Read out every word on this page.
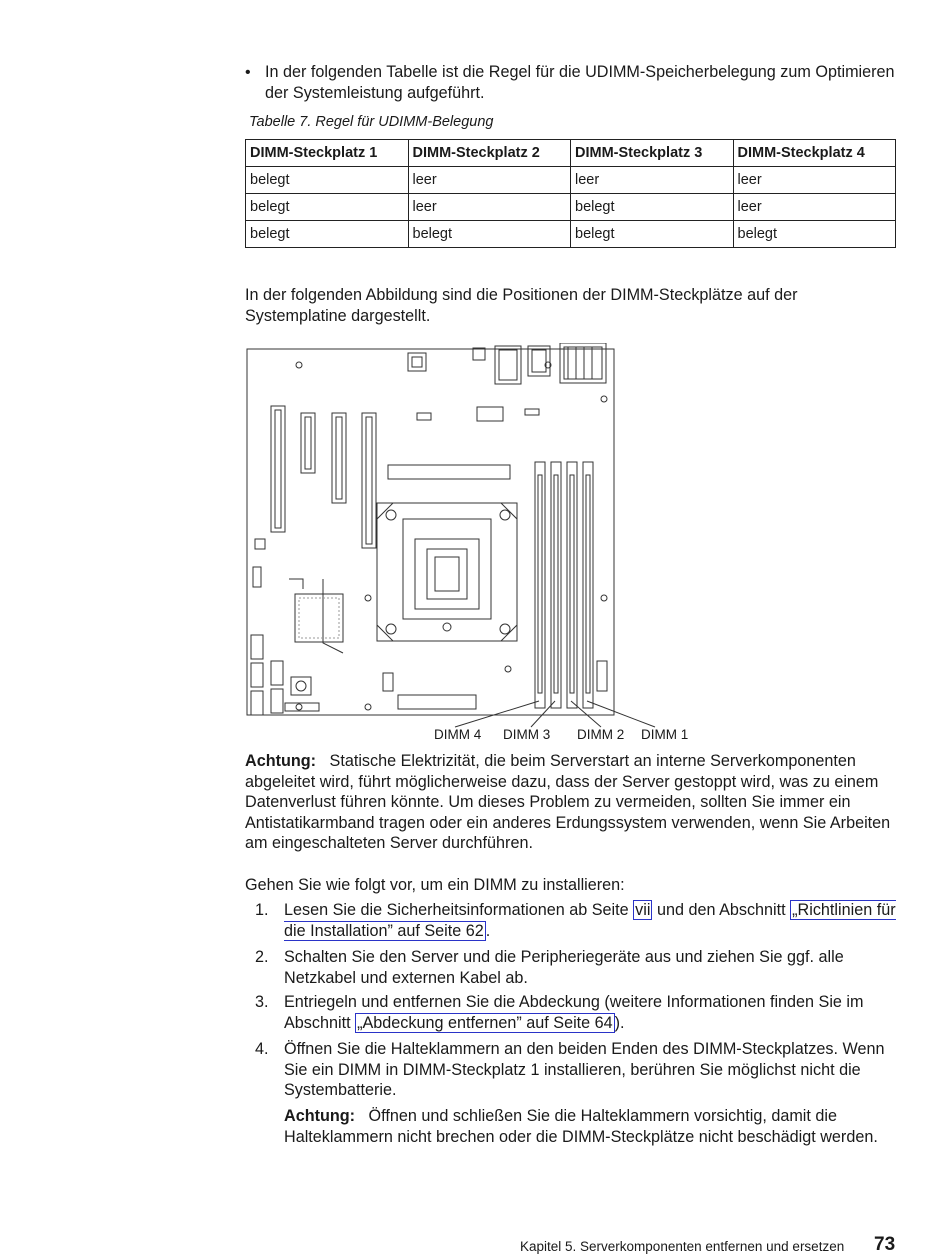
• In der folgenden Tabelle ist die Regel für die UDIMM-Speicherbelegung zum Optimieren der Systemleistung aufgeführt.
Tabelle 7. Regel für UDIMM-Belegung
DIMM-Steckplatz 1	DIMM-Steckplatz 2	DIMM-Steckplatz 3	DIMM-Steckplatz 4
belegt	leer	leer	leer
belegt	leer	belegt	leer
belegt	belegt	belegt	belegt
In der folgenden Abbildung sind die Positionen der DIMM-Steckplätze auf der Systemplatine dargestellt.
DIMM 4 DIMM 3 DIMM 2 DIMM 1
Achtung: Statische Elektrizität, die beim Serverstart an interne Serverkomponenten abgeleitet wird, führt möglicherweise dazu, dass der Server gestoppt wird, was zu einem Datenverlust führen könnte. Um dieses Problem zu vermeiden, sollten Sie immer ein Antistatikarmband tragen oder ein anderes Erdungssystem verwenden, wenn Sie Arbeiten am eingeschalteten Server durchführen.
Gehen Sie wie folgt vor, um ein DIMM zu installieren:
1. Lesen Sie die Sicherheitsinformationen ab Seite vii und den Abschnitt „Richtlinien für die Installation” auf Seite 62 .
2. Schalten Sie den Server und die Peripheriegeräte aus und ziehen Sie ggf. alle Netzkabel und externen Kabel ab.
3. Entriegeln und entfernen Sie die Abdeckung (weitere Informationen finden Sie im Abschnitt „Abdeckung entfernen” auf Seite 64 ).
4. Öffnen Sie die Halteklammern an den beiden Enden des DIMM-Steckplatzes. Wenn Sie ein DIMM in DIMM-Steckplatz 1 installieren, berühren Sie möglichst nicht die Systembatterie.
Achtung: Öffnen und schließen Sie die Halteklammern vorsichtig, damit die Halteklammern nicht brechen oder die DIMM-Steckplätze nicht beschädigt werden.
Kapitel 5. Serverkomponenten entfernen und ersetzen 73
